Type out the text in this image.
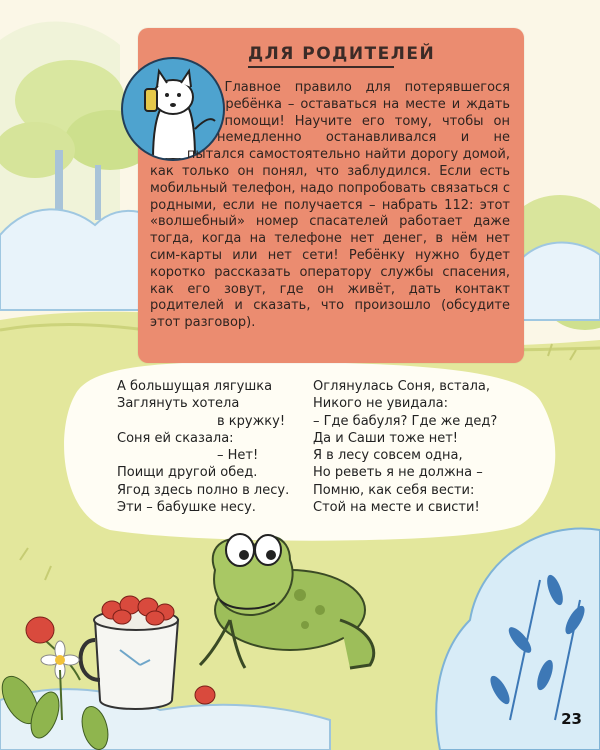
ДЛЯ РОДИТЕЛЕЙ

Главное правило для потерявшегося ребёнка – оставаться на месте и ждать помощи! Научите его тому, чтобы он немедленно останавливался и не пытался самостоятельно найти дорогу домой, как только он понял, что заблудился. Если есть мобильный телефон, надо попробовать связаться с родными, если не получается – набрать 112: этот «волшебный» номер спасателей работает даже тогда, когда на телефоне нет денег, в нём нет сим-карты или нет сети! Ребёнку нужно будет коротко рассказать оператору службы спасения, как его зовут, где он живёт, дать контакт родителей и сказать, что произошло (обсудите этот разговор).

А большущая лягушка
Заглянуть хотела
в кружку!
Соня ей сказала:
– Нет!
Поищи другой обед.
Ягод здесь полно в лесу.
Эти – бабушке несу.
Оглянулась Соня, встала,
Никого не увидала:
– Где бабуля? Где же дед?
Да и Саши тоже нет!
Я в лесу совсем одна,
Но реветь я не должна –
Помню, как себя вести:
Стой на месте и свисти!
23
